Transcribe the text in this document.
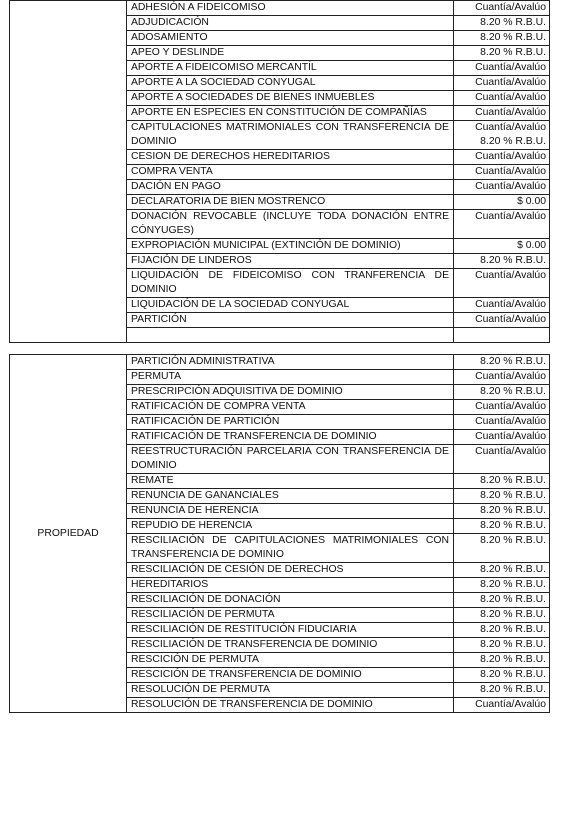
	ADHESIÓN A FIDEICOMISO	Cuantía/Avalúo

	ADJUDICACIÓN	8.20 % R.B.U.

	ADOSAMIENTO	8.20 % R.B.U.

	APEO Y DESLINDE	8.20 % R.B.U.

	APORTE A FIDEICOMISO MERCANTÍL	Cuantía/Avalúo

	APORTE A LA SOCIEDAD CONYUGAL	Cuantía/Avalúo

	APORTE A SOCIEDADES DE BIENES INMUEBLES	Cuantía/Avalúo

	APORTE EN ESPECIES EN CONSTITUCIÓN DE COMPAÑÍAS	Cuantía/Avalúo

	CAPITULACIONES MATRIMONIALES CON TRANSFERENCIA DE DOMINIO	Cuantía/Avalúo
8.20 % R.B.U.

	CESION DE DERECHOS HEREDITARIOS	Cuantía/Avalúo

	COMPRA VENTA	Cuantía/Avalúo

	DACIÓN EN PAGO	Cuantía/Avalúo

	DECLARATORIA DE BIEN MOSTRENCO	$ 0.00

	DONACIÓN REVOCABLE (INCLUYE TODA DONACIÓN ENTRE CÓNYUGES)	Cuantía/Avalúo

	EXPROPIACIÓN MUNICIPAL (EXTINCIÓN DE DOMINIO)	$ 0.00

	FIJACIÓN DE LINDEROS	8.20 % R.B.U.

	LIQUIDACIÓN DE FIDEICOMISO CON TRANFERENCIA DE DOMINIO	Cuantía/Avalúo

	LIQUIDACIÓN DE LA SOCIEDAD CONYUGAL	Cuantía/Avalúo

	PARTICIÓN	Cuantía/Avalúo

PROPIEDAD	PARTICIÓN ADMINISTRATIVA	8.20 % R.B.U.

	PERMUTA	Cuantía/Avalúo

	PRESCRIPCIÓN ADQUISITIVA DE DOMINIO	8.20 % R.B.U.

	RATIFICACIÓN DE COMPRA VENTA	Cuantía/Avalúo

	RATIFICACIÓN DE PARTICIÓN	Cuantía/Avalúo

	RATIFICACIÓN DE TRANSFERENCIA DE DOMINIO	Cuantía/Avalúo

	REESTRUCTURACIÓN PARCELARIA CON TRANSFERENCIA DE DOMINIO	Cuantía/Avalúo

	REMATE	8.20 % R.B.U.

	RENUNCIA DE GANANCIALES	8.20 % R.B.U.

	RENUNCIA DE HERENCIA	8.20 % R.B.U.

	REPUDIO DE HERENCIA	8.20 % R.B.U.

	RESCILIACIÓN DE CAPITULACIONES MATRIMONIALES CON TRANSFERENCIA DE DOMINIO	8.20 % R.B.U.

	RESCILIACIÓN DE CESIÓN DE DERECHOS	8.20 % R.B.U.

	HEREDITARIOS	8.20 % R.B.U.

	RESCILIACIÓN DE DONACIÓN	8.20 % R.B.U.

	RESCILIACIÓN DE PERMUTA	8.20 % R.B.U.

	RESCILIACIÓN DE RESTITUCIÓN FIDUCIARIA	8.20 % R.B.U.

	RESCILIACIÓN DE TRANSFERENCIA DE DOMINIO	8.20 % R.B.U.

	RESCICIÓN DE PERMUTA	8.20 % R.B.U.

	RESCICIÓN DE TRANSFERENCIA DE DOMINIO	8.20 % R.B.U.

	RESOLUCIÓN DE PERMUTA	8.20 % R.B.U.

	RESOLUCIÓN DE TRANSFERENCIA DE DOMINIO	Cuantía/Avalúo
